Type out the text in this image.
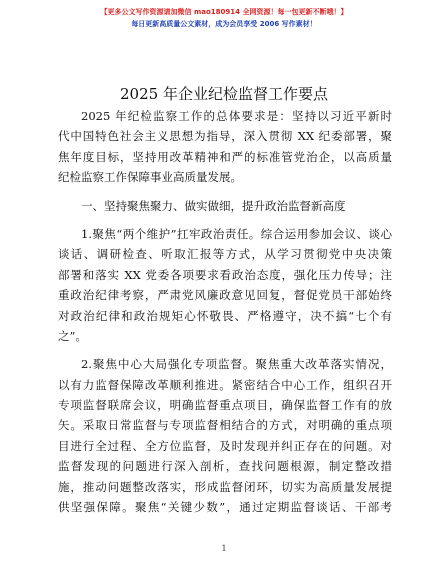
【更多公文写作资源请加微信 mao180914 全网资源！每一包更新不断哦！】
每日更新高质量公文素材，成为会员享受 2006 写作素材！
2025 年企业纪检监督工作要点
2025 年纪检监察工作的总体要求是：坚持以习近平新时
代中国特色社会主义思想为指导，深入贯彻 XX 纪委部署，聚
焦年度目标，坚持用改革精神和严的标准管党治企，以高质量
纪检监察工作保障事业高质量发展。
一、坚持聚焦聚力、做实做细，提升政治监督新高度
1.聚焦“两个维护”扛牢政治责任。综合运用参加会议、谈心
谈话、调研检查、听取汇报等方式，从学习贯彻党中央决策
部署和落实 XX 党委各项要求看政治态度，强化压力传导；注
重政治纪律考察，严肃党风廉政意见回复，督促党员干部始终
对政治纪律和政治规矩心怀敬畏、严格遵守，决不搞“七个有
之”。
2.聚焦中心大局强化专项监督。聚焦重大改革落实情况，
以有力监督保障改革顺利推进。紧密结合中心工作，组织召开
专项监督联席会议，明确监督重点项目，确保监督工作有的放
矢。采取日常监督与专项监督相结合的方式，对明确的重点项
目进行全过程、全方位监督，及时发现并纠正存在的问题。对
监督发现的问题进行深入剖析，查找问题根源，制定整改措
施，推动问题整改落实，形成监督闭环，切实为高质量发展提
供坚强保障。聚焦“关键少数”，通过定期监督谈话、干部考
1
